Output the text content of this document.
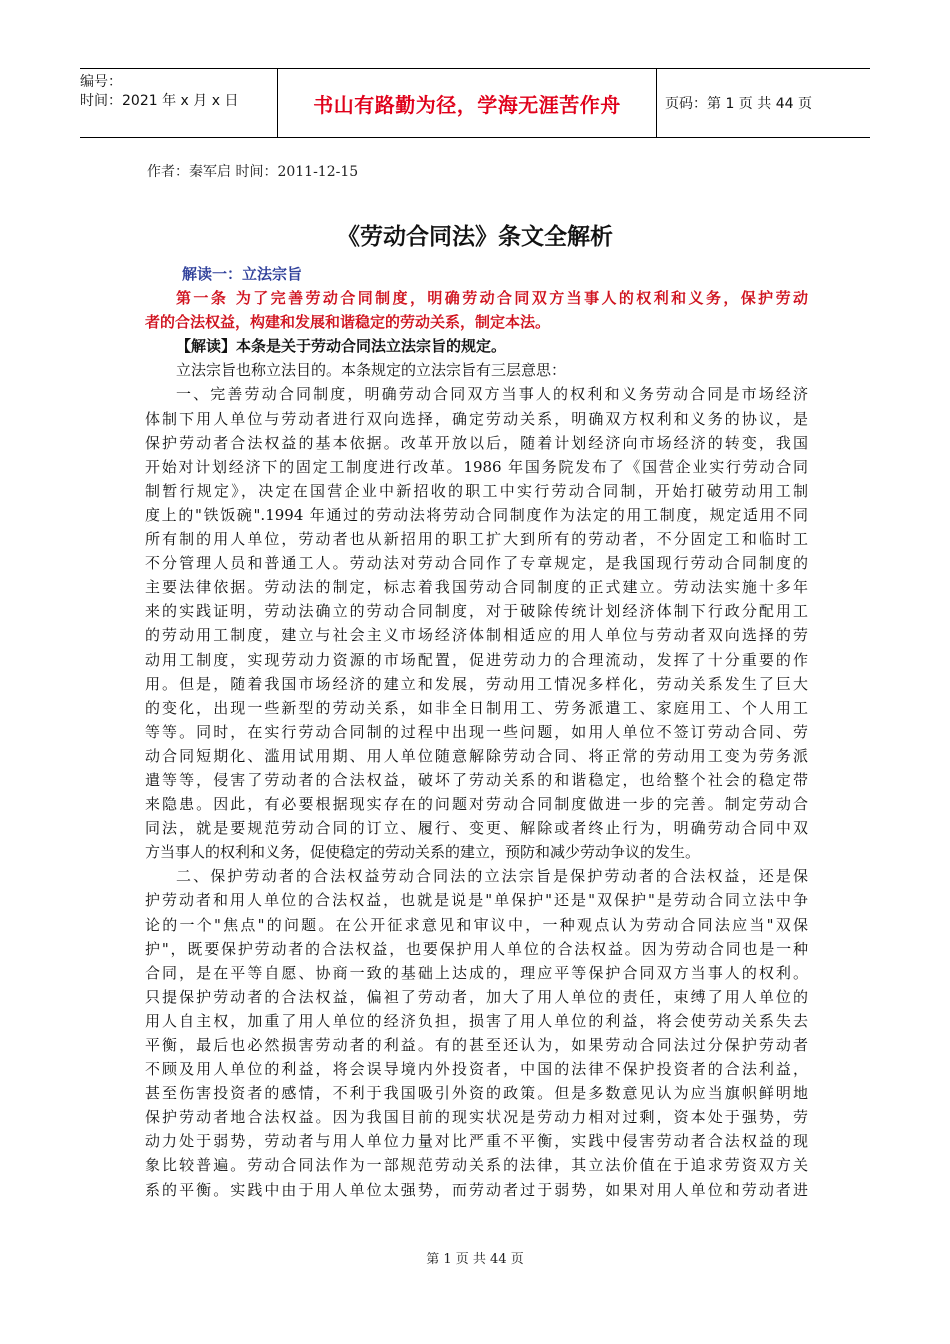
编号：
时间：2021 年 x 月 x 日	书山有路勤为径，学海无涯苦作舟	页码：第 1 页 共 44 页
作者：秦军启 时间：2011-12-15
《劳动合同法》条文全解析
解读一：立法宗旨
第一条 为了完善劳动合同制度，明确劳动合同双方当事人的权利和义务，保护劳动
者的合法权益，构建和发展和谐稳定的劳动关系，制定本法。
【解读】本条是关于劳动合同法立法宗旨的规定。
立法宗旨也称立法目的。本条规定的立法宗旨有三层意思：
一、完善劳动合同制度，明确劳动合同双方当事人的权利和义务劳动合同是市场经济
体制下用人单位与劳动者进行双向选择，确定劳动关系，明确双方权利和义务的协议，是
保护劳动者合法权益的基本依据。改革开放以后，随着计划经济向市场经济的转变，我国
开始对计划经济下的固定工制度进行改革。1986 年国务院发布了《国营企业实行劳动合同
制暂行规定》，决定在国营企业中新招收的职工中实行劳动合同制，开始打破劳动用工制
度上的"铁饭碗".1994 年通过的劳动法将劳动合同制度作为法定的用工制度，规定适用不同
所有制的用人单位，劳动者也从新招用的职工扩大到所有的劳动者，不分固定工和临时工
不分管理人员和普通工人。劳动法对劳动合同作了专章规定，是我国现行劳动合同制度的
主要法律依据。劳动法的制定，标志着我国劳动合同制度的正式建立。劳动法实施十多年
来的实践证明，劳动法确立的劳动合同制度，对于破除传统计划经济体制下行政分配用工
的劳动用工制度，建立与社会主义市场经济体制相适应的用人单位与劳动者双向选择的劳
动用工制度，实现劳动力资源的市场配置，促进劳动力的合理流动，发挥了十分重要的作
用。但是，随着我国市场经济的建立和发展，劳动用工情况多样化，劳动关系发生了巨大
的变化，出现一些新型的劳动关系，如非全日制用工、劳务派遣工、家庭用工、个人用工
等等。同时，在实行劳动合同制的过程中出现一些问题，如用人单位不签订劳动合同、劳
动合同短期化、滥用试用期、用人单位随意解除劳动合同、将正常的劳动用工变为劳务派
遣等等，侵害了劳动者的合法权益，破坏了劳动关系的和谐稳定，也给整个社会的稳定带
来隐患。因此，有必要根据现实存在的问题对劳动合同制度做进一步的完善。制定劳动合
同法，就是要规范劳动合同的订立、履行、变更、解除或者终止行为，明确劳动合同中双
方当事人的权利和义务，促使稳定的劳动关系的建立，预防和减少劳动争议的发生。
二、保护劳动者的合法权益劳动合同法的立法宗旨是保护劳动者的合法权益，还是保
护劳动者和用人单位的合法权益，也就是说是"单保护"还是"双保护"是劳动合同立法中争
论的一个"焦点"的问题。在公开征求意见和审议中，一种观点认为劳动合同法应当"双保
护"，既要保护劳动者的合法权益，也要保护用人单位的合法权益。因为劳动合同也是一种
合同，是在平等自愿、协商一致的基础上达成的，理应平等保护合同双方当事人的权利。
只提保护劳动者的合法权益，偏袒了劳动者，加大了用人单位的责任，束缚了用人单位的
用人自主权，加重了用人单位的经济负担，损害了用人单位的利益，将会使劳动关系失去
平衡，最后也必然损害劳动者的利益。有的甚至还认为，如果劳动合同法过分保护劳动者
不顾及用人单位的利益，将会误导境内外投资者，中国的法律不保护投资者的合法利益，
甚至伤害投资者的感情，不利于我国吸引外资的政策。但是多数意见认为应当旗帜鲜明地
保护劳动者地合法权益。因为我国目前的现实状况是劳动力相对过剩，资本处于强势，劳
动力处于弱势，劳动者与用人单位力量对比严重不平衡，实践中侵害劳动者合法权益的现
象比较普遍。劳动合同法作为一部规范劳动关系的法律，其立法价值在于追求劳资双方关
系的平衡。实践中由于用人单位太强势，而劳动者过于弱势，如果对用人单位和劳动者进
第 1 页 共 44 页
